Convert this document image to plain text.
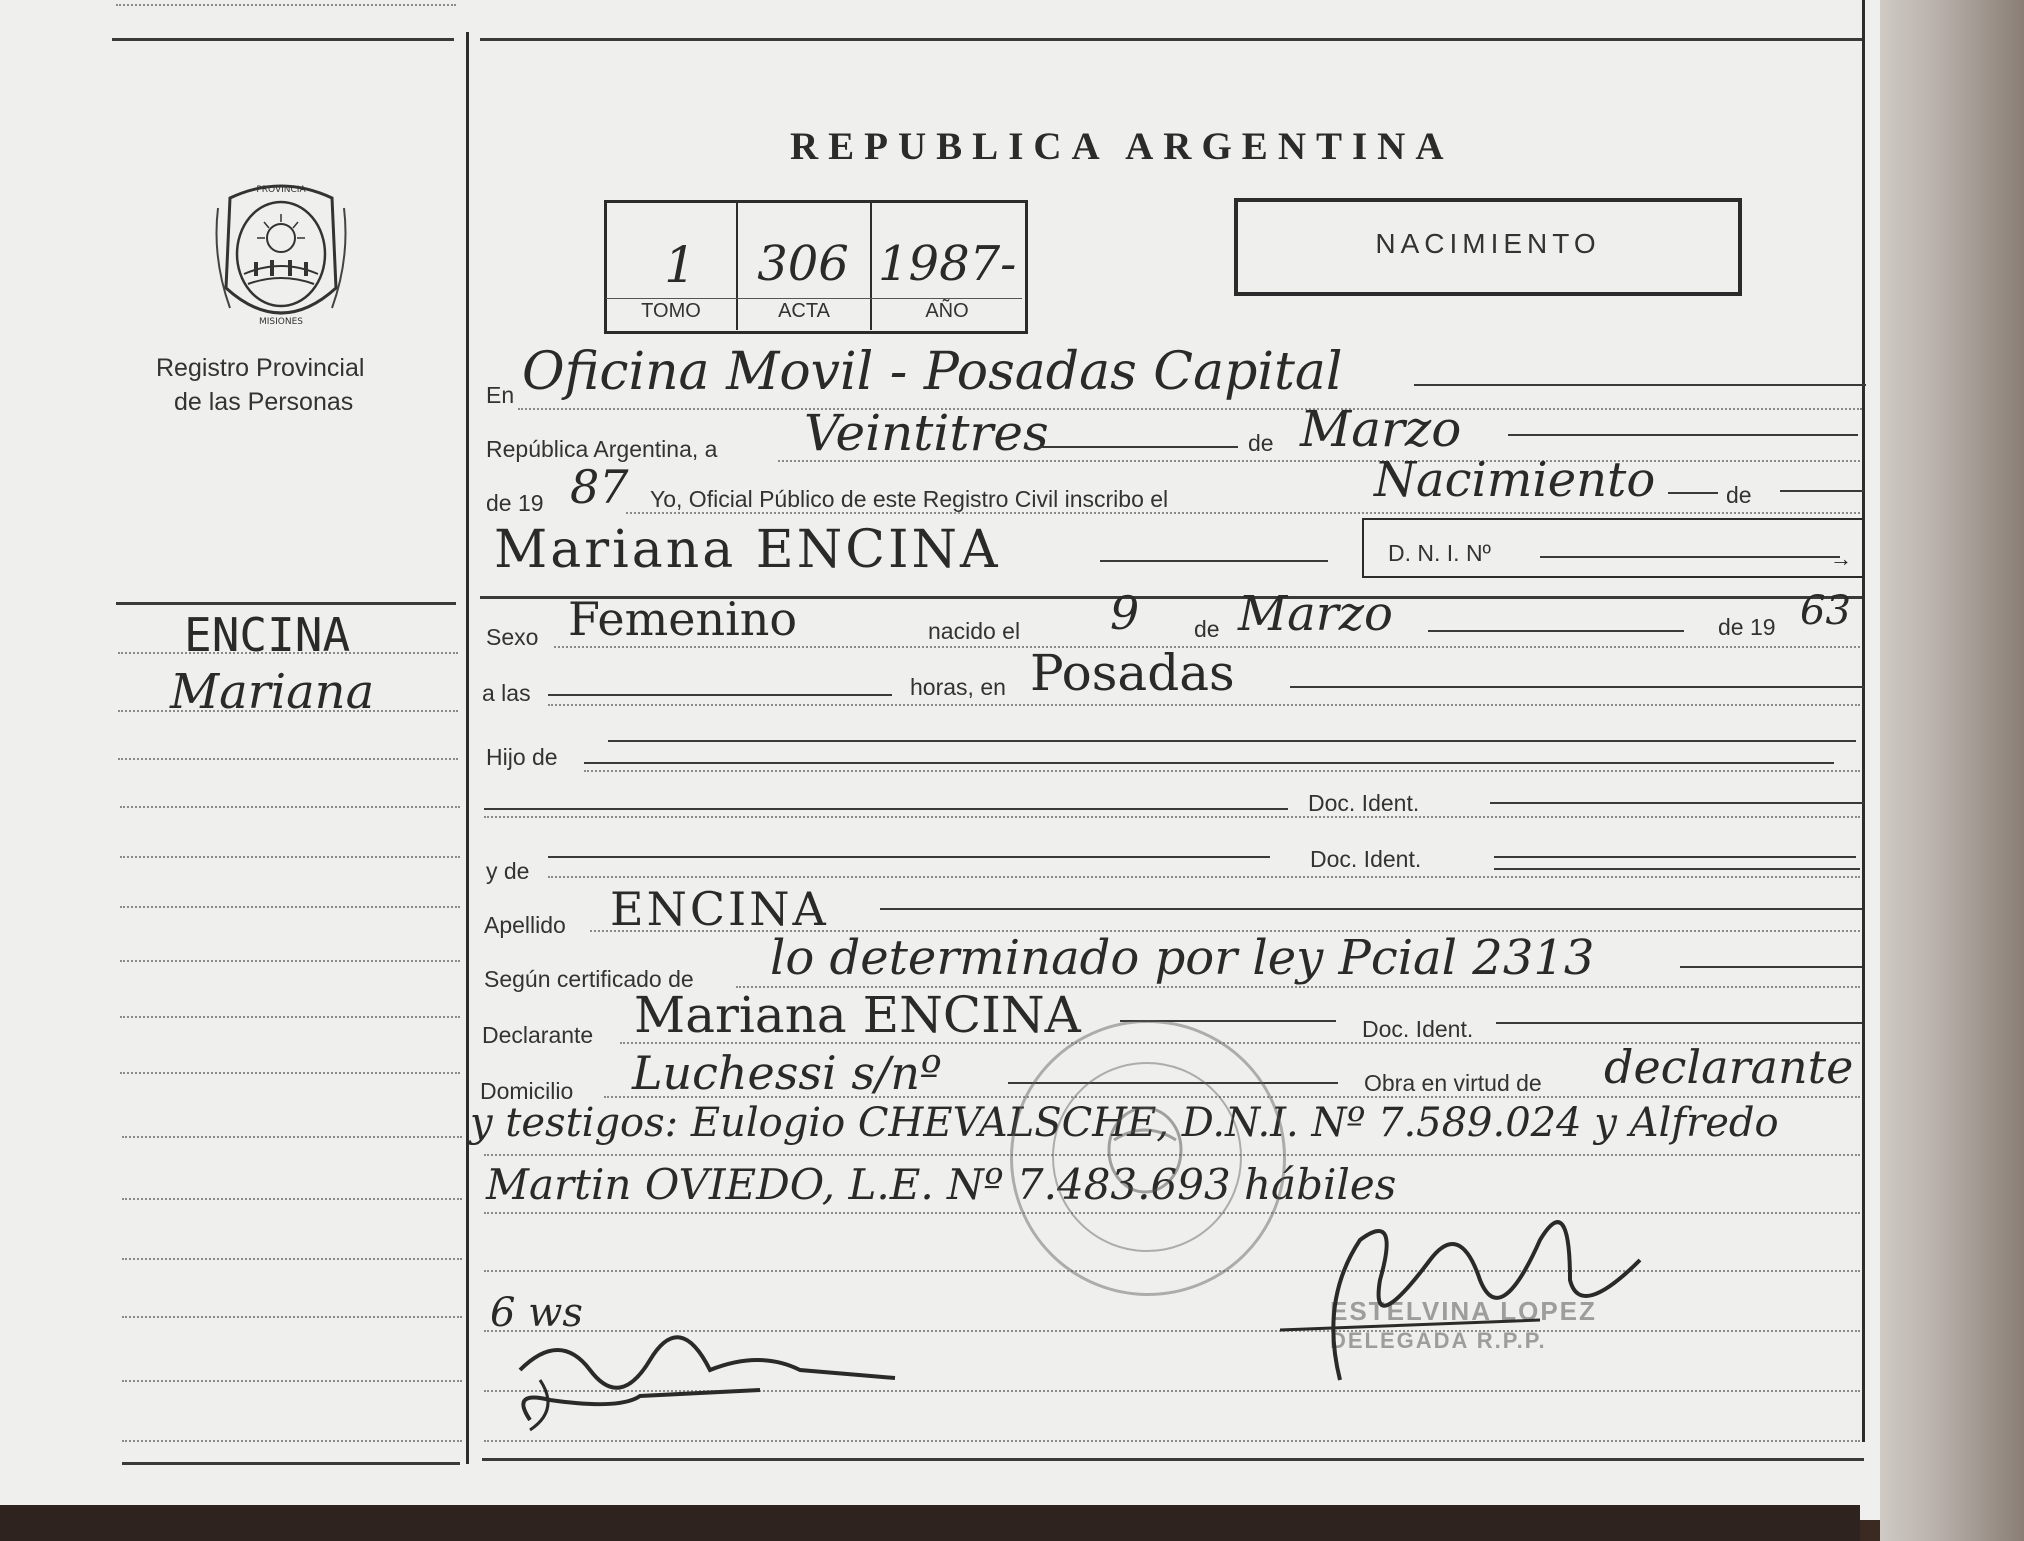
PROVINCIA
MISIONES
Registro Provincial
de las Personas
ENCINA
Mariana
REPUBLICA ARGENTINA
1 306 1987-
TOMO	ACTA	AÑO
NACIMIENTO
En Oficina Movil - Posadas Capital
República Argentina, a Veintitres	de Marzo
de 19 87 Yo, Oficial Público de este Registro Civil inscribo el	Nacimiento	de
Mariana ENCINA	D. N. I. Nº	→
Sexo Femenino	nacido el 9 de Marzo	de 19 63
a las	horas, en Posadas
Hijo de
Doc. Ident.
y de	Doc. Ident.
Apellido ENCINA
Según certificado de lo determinado por ley Pcial 2313
Declarante Mariana ENCINA	Doc. Ident.
Domicilio Luchessi s/nº	Obra en virtud de declarante
y testigos: Eulogio CHEVALSCHE, D.N.I. Nº 7.589.024 y Alfredo
Martin OVIEDO, L.E. Nº 7.483.693 hábiles
6 ws	ESTELVINA LOPEZ
DELEGADA R.P.P.
